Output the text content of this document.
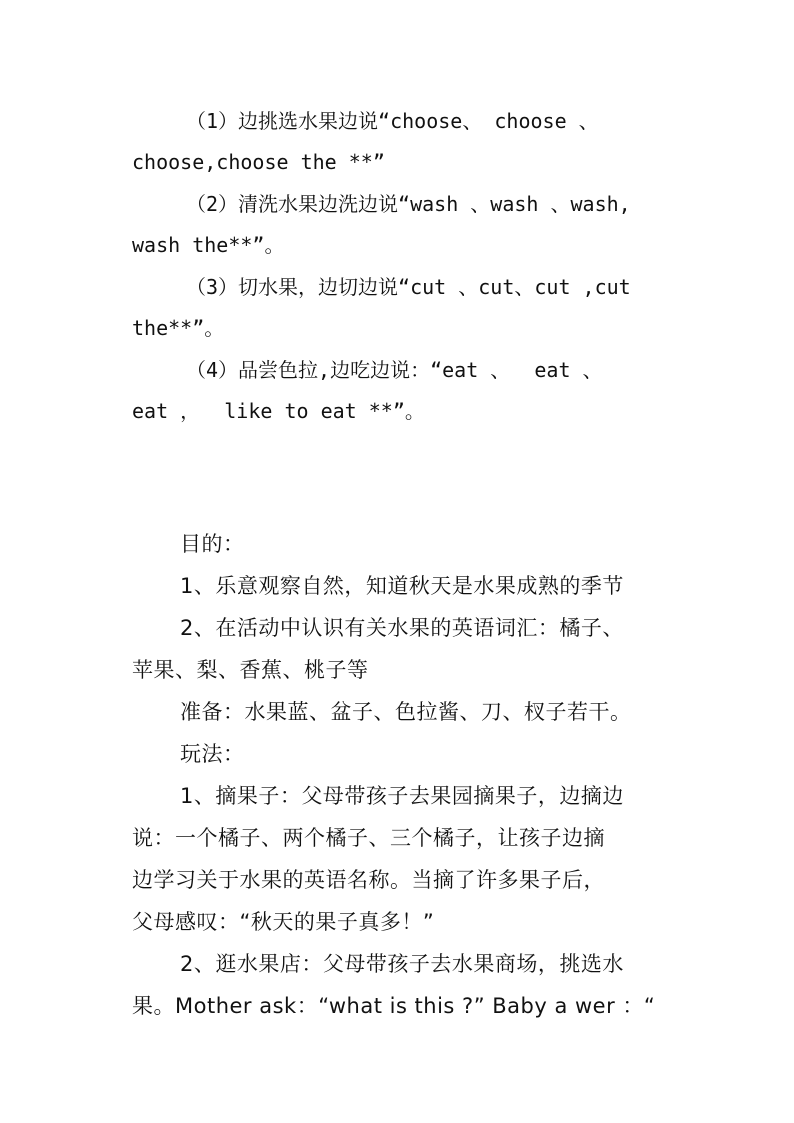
（1）边挑选水果边说“choose、 choose 、
choose,choose the **”
（2）清洗水果边洗边说“wash 、wash 、wash,
wash the**”。
（3）切水果，边切边说“cut 、cut、cut ,cut
the**”。
（4）品尝色拉,边吃边说：“eat 、  eat 、
eat ，  like to eat **”。
目的：
1、乐意观察自然，知道秋天是水果成熟的季节
2、在活动中认识有关水果的英语词汇：橘子、
苹果、梨、香蕉、桃子等
准备：水果蓝、盆子、色拉酱、刀、杈子若干。
玩法：
1、摘果子：父母带孩子去果园摘果子，边摘边
说：一个橘子、两个橘子、三个橘子，让孩子边摘
边学习关于水果的英语名称。当摘了许多果子后，
父母感叹：“秋天的果子真多！”
2、逛水果店：父母带孩子去水果商场，挑选水
果。Mother ask：“what is this ?” Baby a wer ：“
